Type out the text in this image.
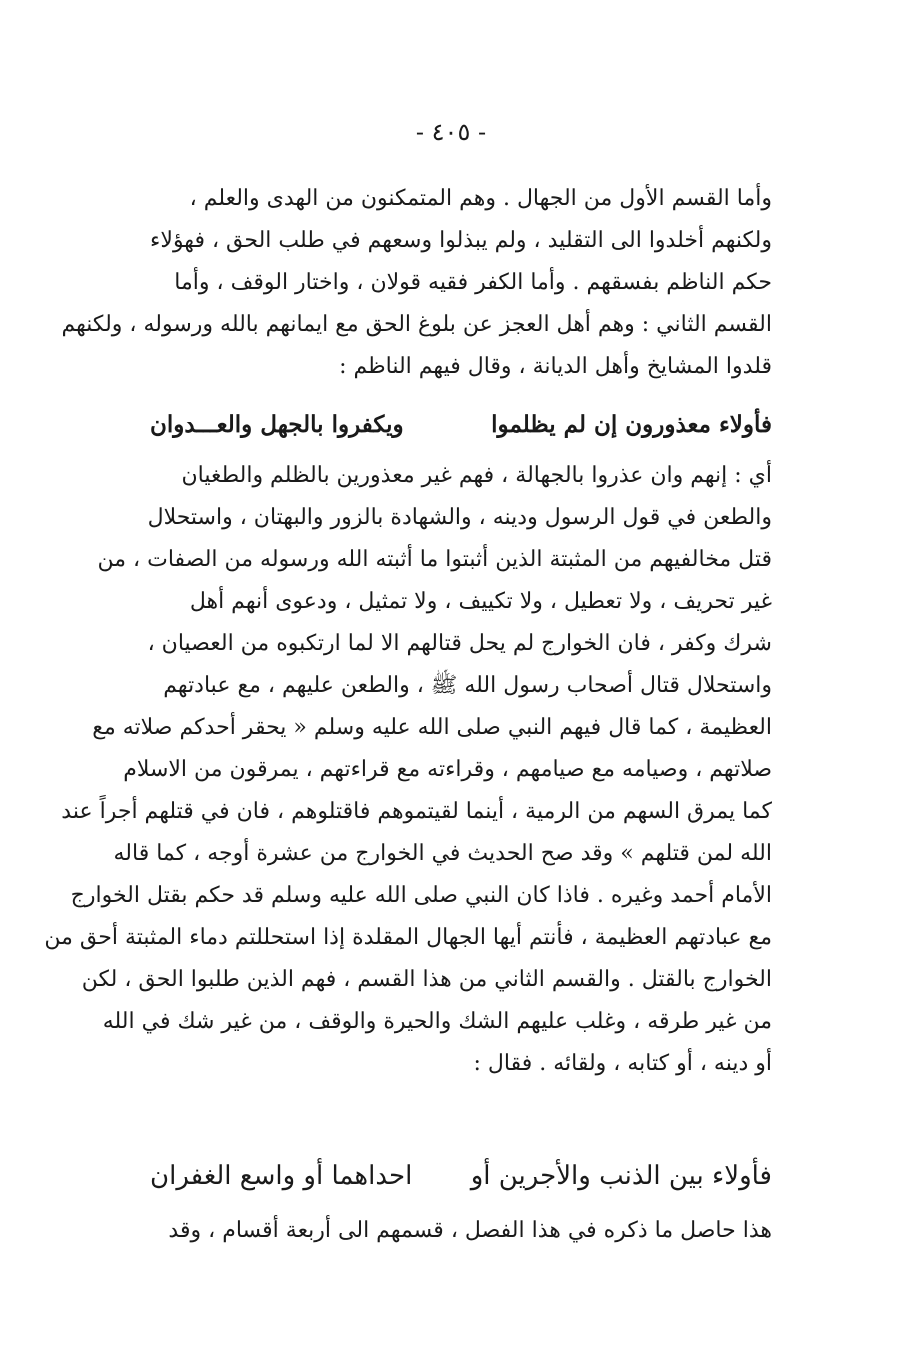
- ٤٠٥ -
وأما القسم الأول من الجهال . وهم المتمكنون من الهدى والعلم ،
ولكنهم أخلدوا الى التقليد ، ولم يبذلوا وسعهم في طلب الحق ، فهؤلاء
حكم الناظم بفسقهم . وأما الكفر فقيه قولان ، واختار الوقف ، وأما
القسم الثاني : وهم أهل العجز عن بلوغ الحق مع ايمانهم بالله ورسوله ، ولكنهم
قلدوا المشايخ وأهل الديانة ، وقال فيهم الناظم :
فأولاء معذورون إن لم يظلموا
ويكفروا بالجهل والعـــدوان
أي : إنهم وان عذروا بالجهالة ، فهم غير معذورين بالظلم والطغيان
والطعن في قول الرسول ودينه ، والشهادة بالزور والبهتان ، واستحلال
قتل مخالفيهم من المثبتة الذين أثبتوا ما أثبته الله ورسوله من الصفات ، من
غير تحريف ، ولا تعطيل ، ولا تكييف ، ولا تمثيل ، ودعوى أنهم أهل
شرك وكفر ، فان الخوارج لم يحل قتالهم الا لما ارتكبوه من العصيان ،
واستحلال قتال أصحاب رسول الله ﷺ ، والطعن عليهم ، مع عبادتهم
العظيمة ، كما قال فيهم النبي صلى الله عليه وسلم « يحقر أحدكم صلاته مع
صلاتهم ، وصيامه مع صيامهم ، وقراءته مع قراءتهم ، يمرقون من الاسلام
كما يمرق السهم من الرمية ، أينما لقيتموهم فاقتلوهم ، فان في قتلهم أجراً عند
الله لمن قتلهم » وقد صح الحديث في الخوارج من عشرة أوجه ، كما قاله
الأمام أحمد وغيره . فاذا كان النبي صلى الله عليه وسلم قد حكم بقتل الخوارج
مع عبادتهم العظيمة ، فأنتم أيها الجهال المقلدة إذا استحللتم دماء المثبتة أحق من
الخوارج بالقتل . والقسم الثاني من هذا القسم ، فهم الذين طلبوا الحق ، لكن
من غير طرقه ، وغلب عليهم الشك والحيرة والوقف ، من غير شك في الله
أو دينه ، أو كتابه ، ولقائه . فقال :
فأولاء بين الذنب والأجرين أو
احداهما أو واسع الغفران
هذا حاصل ما ذكره في هذا الفصل ، قسمهم الى أربعة أقسام ، وقد
